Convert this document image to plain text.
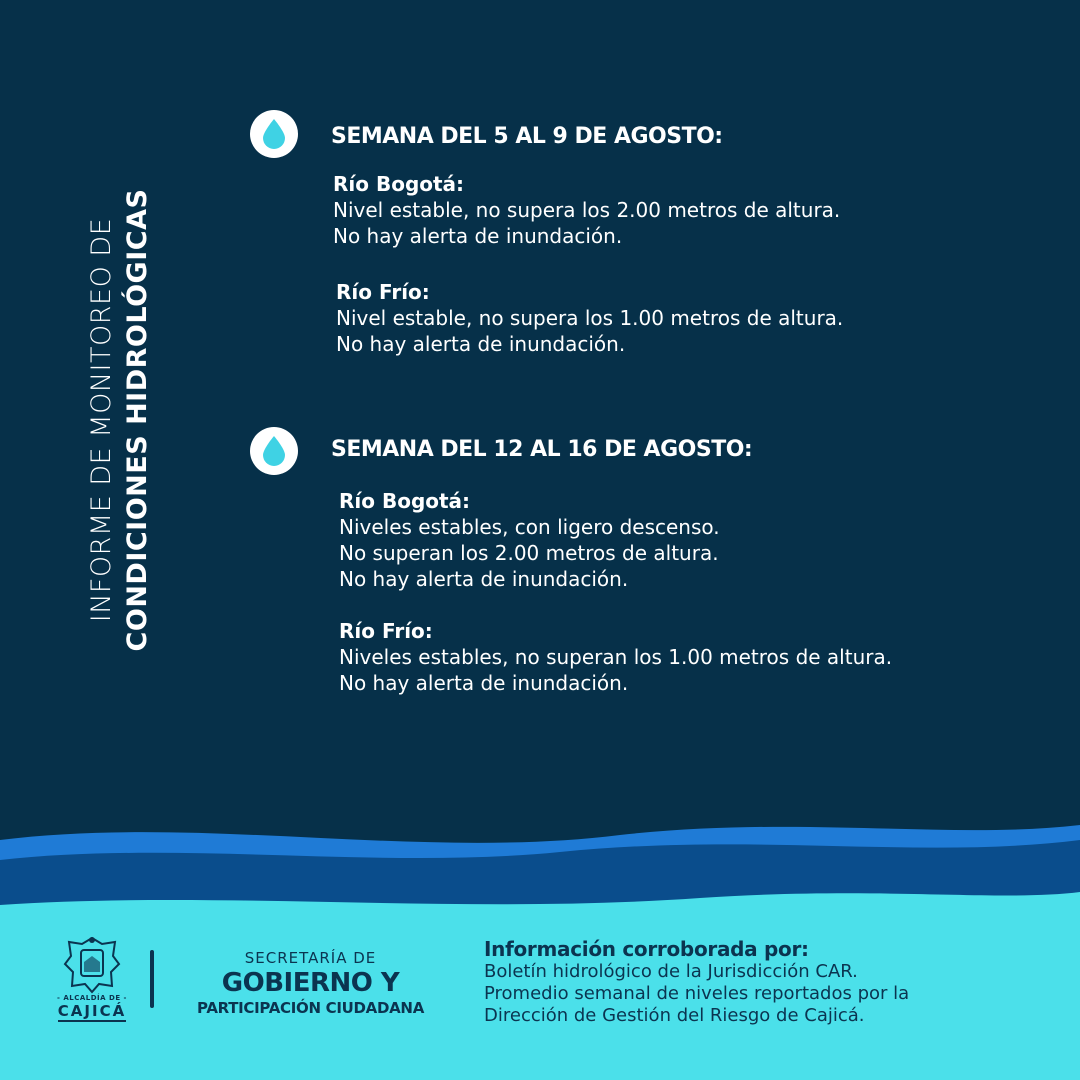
INFORME DE MONITOREO DE CONDICIONES HIDROLÓGICAS
SEMANA DEL 5 AL 9 DE AGOSTO:
Río Bogotá:
Nivel estable, no supera los 2.00 metros de altura.
No hay alerta de inundación.
Río Frío:
Nivel estable, no supera los 1.00 metros de altura.
No hay alerta de inundación.
SEMANA DEL 12 AL 16 DE AGOSTO:
Río Bogotá:
Niveles estables, con ligero descenso.
No superan los 2.00 metros de altura.
No hay alerta de inundación.
Río Frío:
Niveles estables, no superan los 1.00 metros de altura.
No hay alerta de inundación.
- ALCALDÍA DE -
CAJICÁ
SECRETARÍA DE
GOBIERNO Y
PARTICIPACIÓN CIUDADANA
Información corroborada por:
Boletín hidrológico de la Jurisdicción CAR.
Promedio semanal de niveles reportados por la
Dirección de Gestión del Riesgo de Cajicá.
